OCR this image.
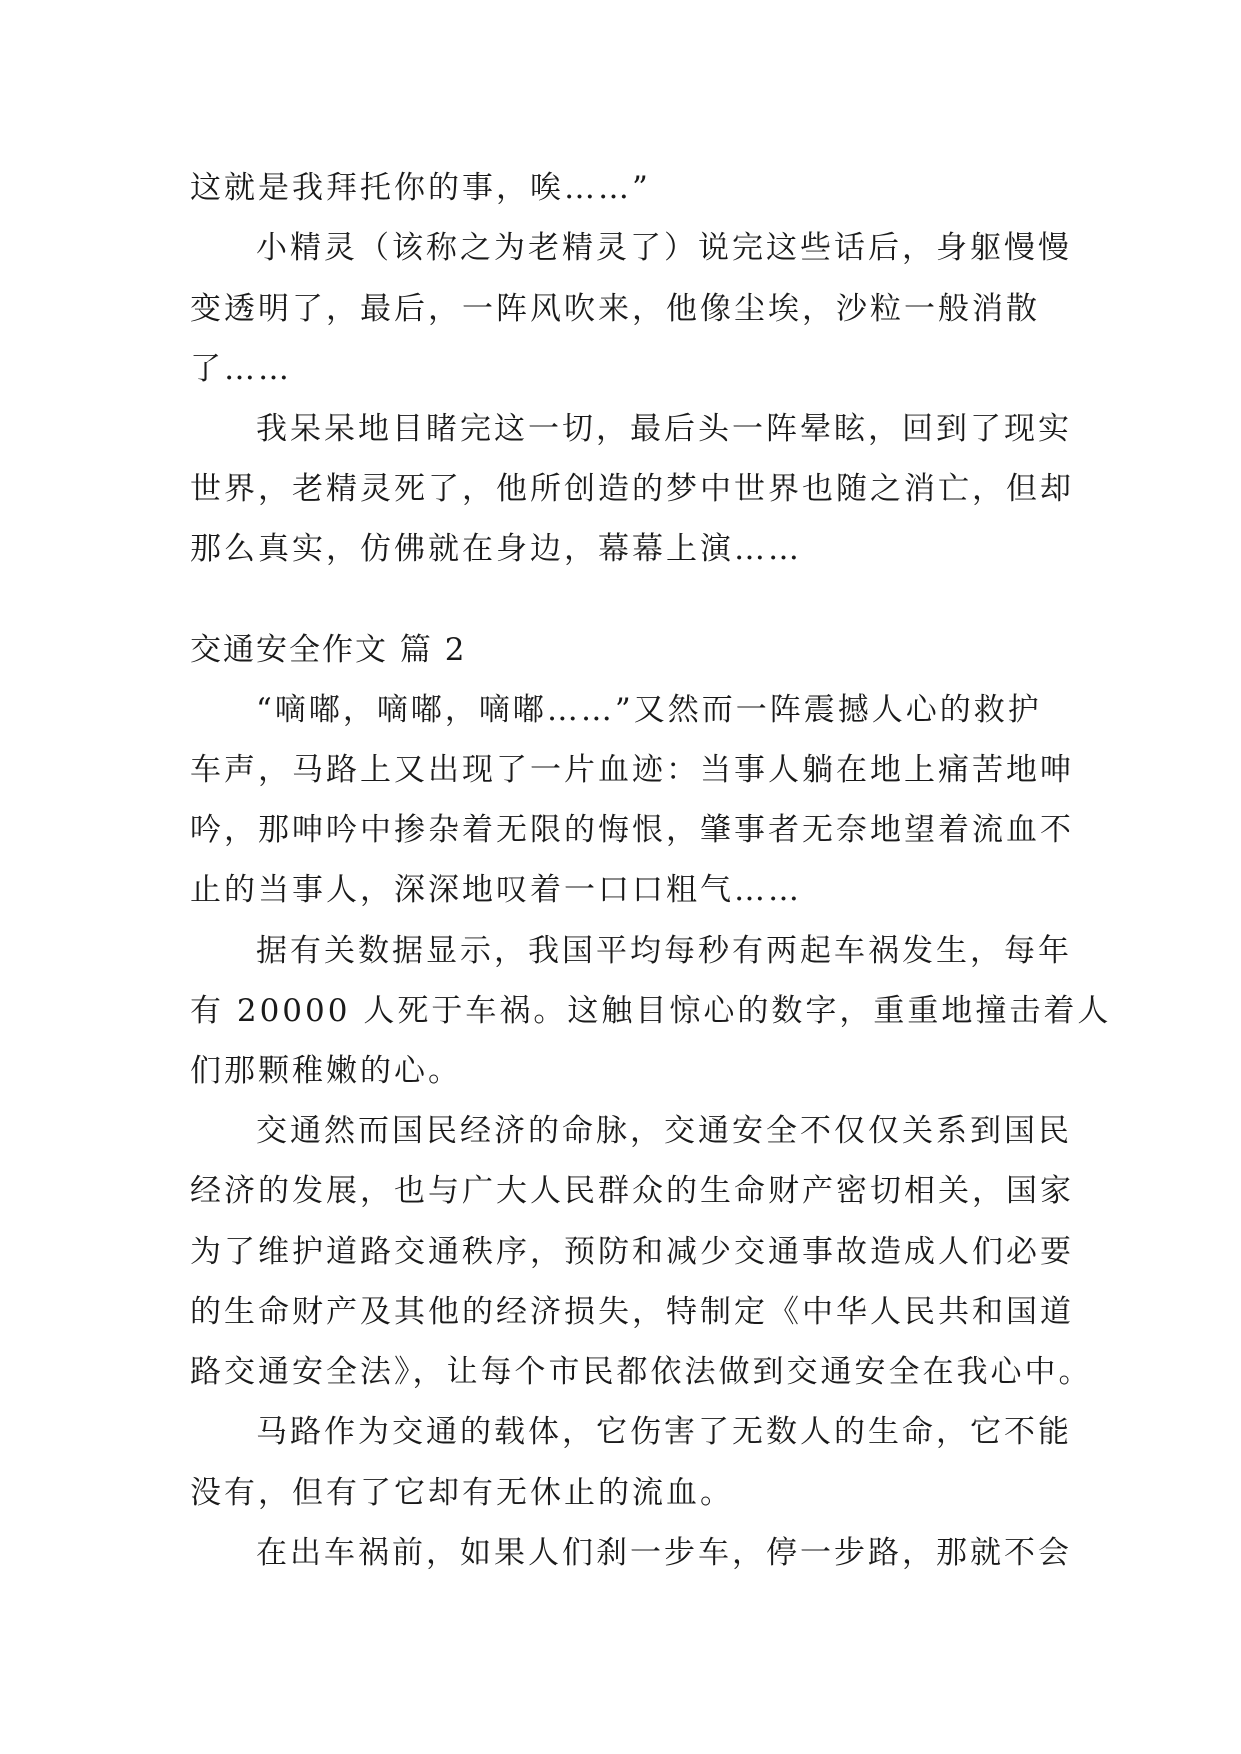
这就是我拜托你的事，唉……”

小精灵（该称之为老精灵了）说完这些话后，身躯慢慢

变透明了，最后，一阵风吹来，他像尘埃，沙粒一般消散

了……

我呆呆地目睹完这一切，最后头一阵晕眩，回到了现实

世界，老精灵死了，他所创造的梦中世界也随之消亡，但却

那么真实，仿佛就在身边，幕幕上演……

交通安全作文 篇 2

“嘀嘟，嘀嘟，嘀嘟……”又然而一阵震撼人心的救护

车声，马路上又出现了一片血迹：当事人躺在地上痛苦地呻

吟，那呻吟中掺杂着无限的悔恨，肇事者无奈地望着流血不

止的当事人，深深地叹着一口口粗气……

据有关数据显示，我国平均每秒有两起车祸发生，每年

有 20000 人死于车祸。这触目惊心的数字，重重地撞击着人

们那颗稚嫩的心。

交通然而国民经济的命脉，交通安全不仅仅关系到国民

经济的发展，也与广大人民群众的生命财产密切相关，国家

为了维护道路交通秩序，预防和减少交通事故造成人们必要

的生命财产及其他的经济损失，特制定《中华人民共和国道

路交通安全法》，让每个市民都依法做到交通安全在我心中。

马路作为交通的载体，它伤害了无数人的生命，它不能

没有，但有了它却有无休止的流血。

在出车祸前，如果人们刹一步车，停一步路，那就不会
